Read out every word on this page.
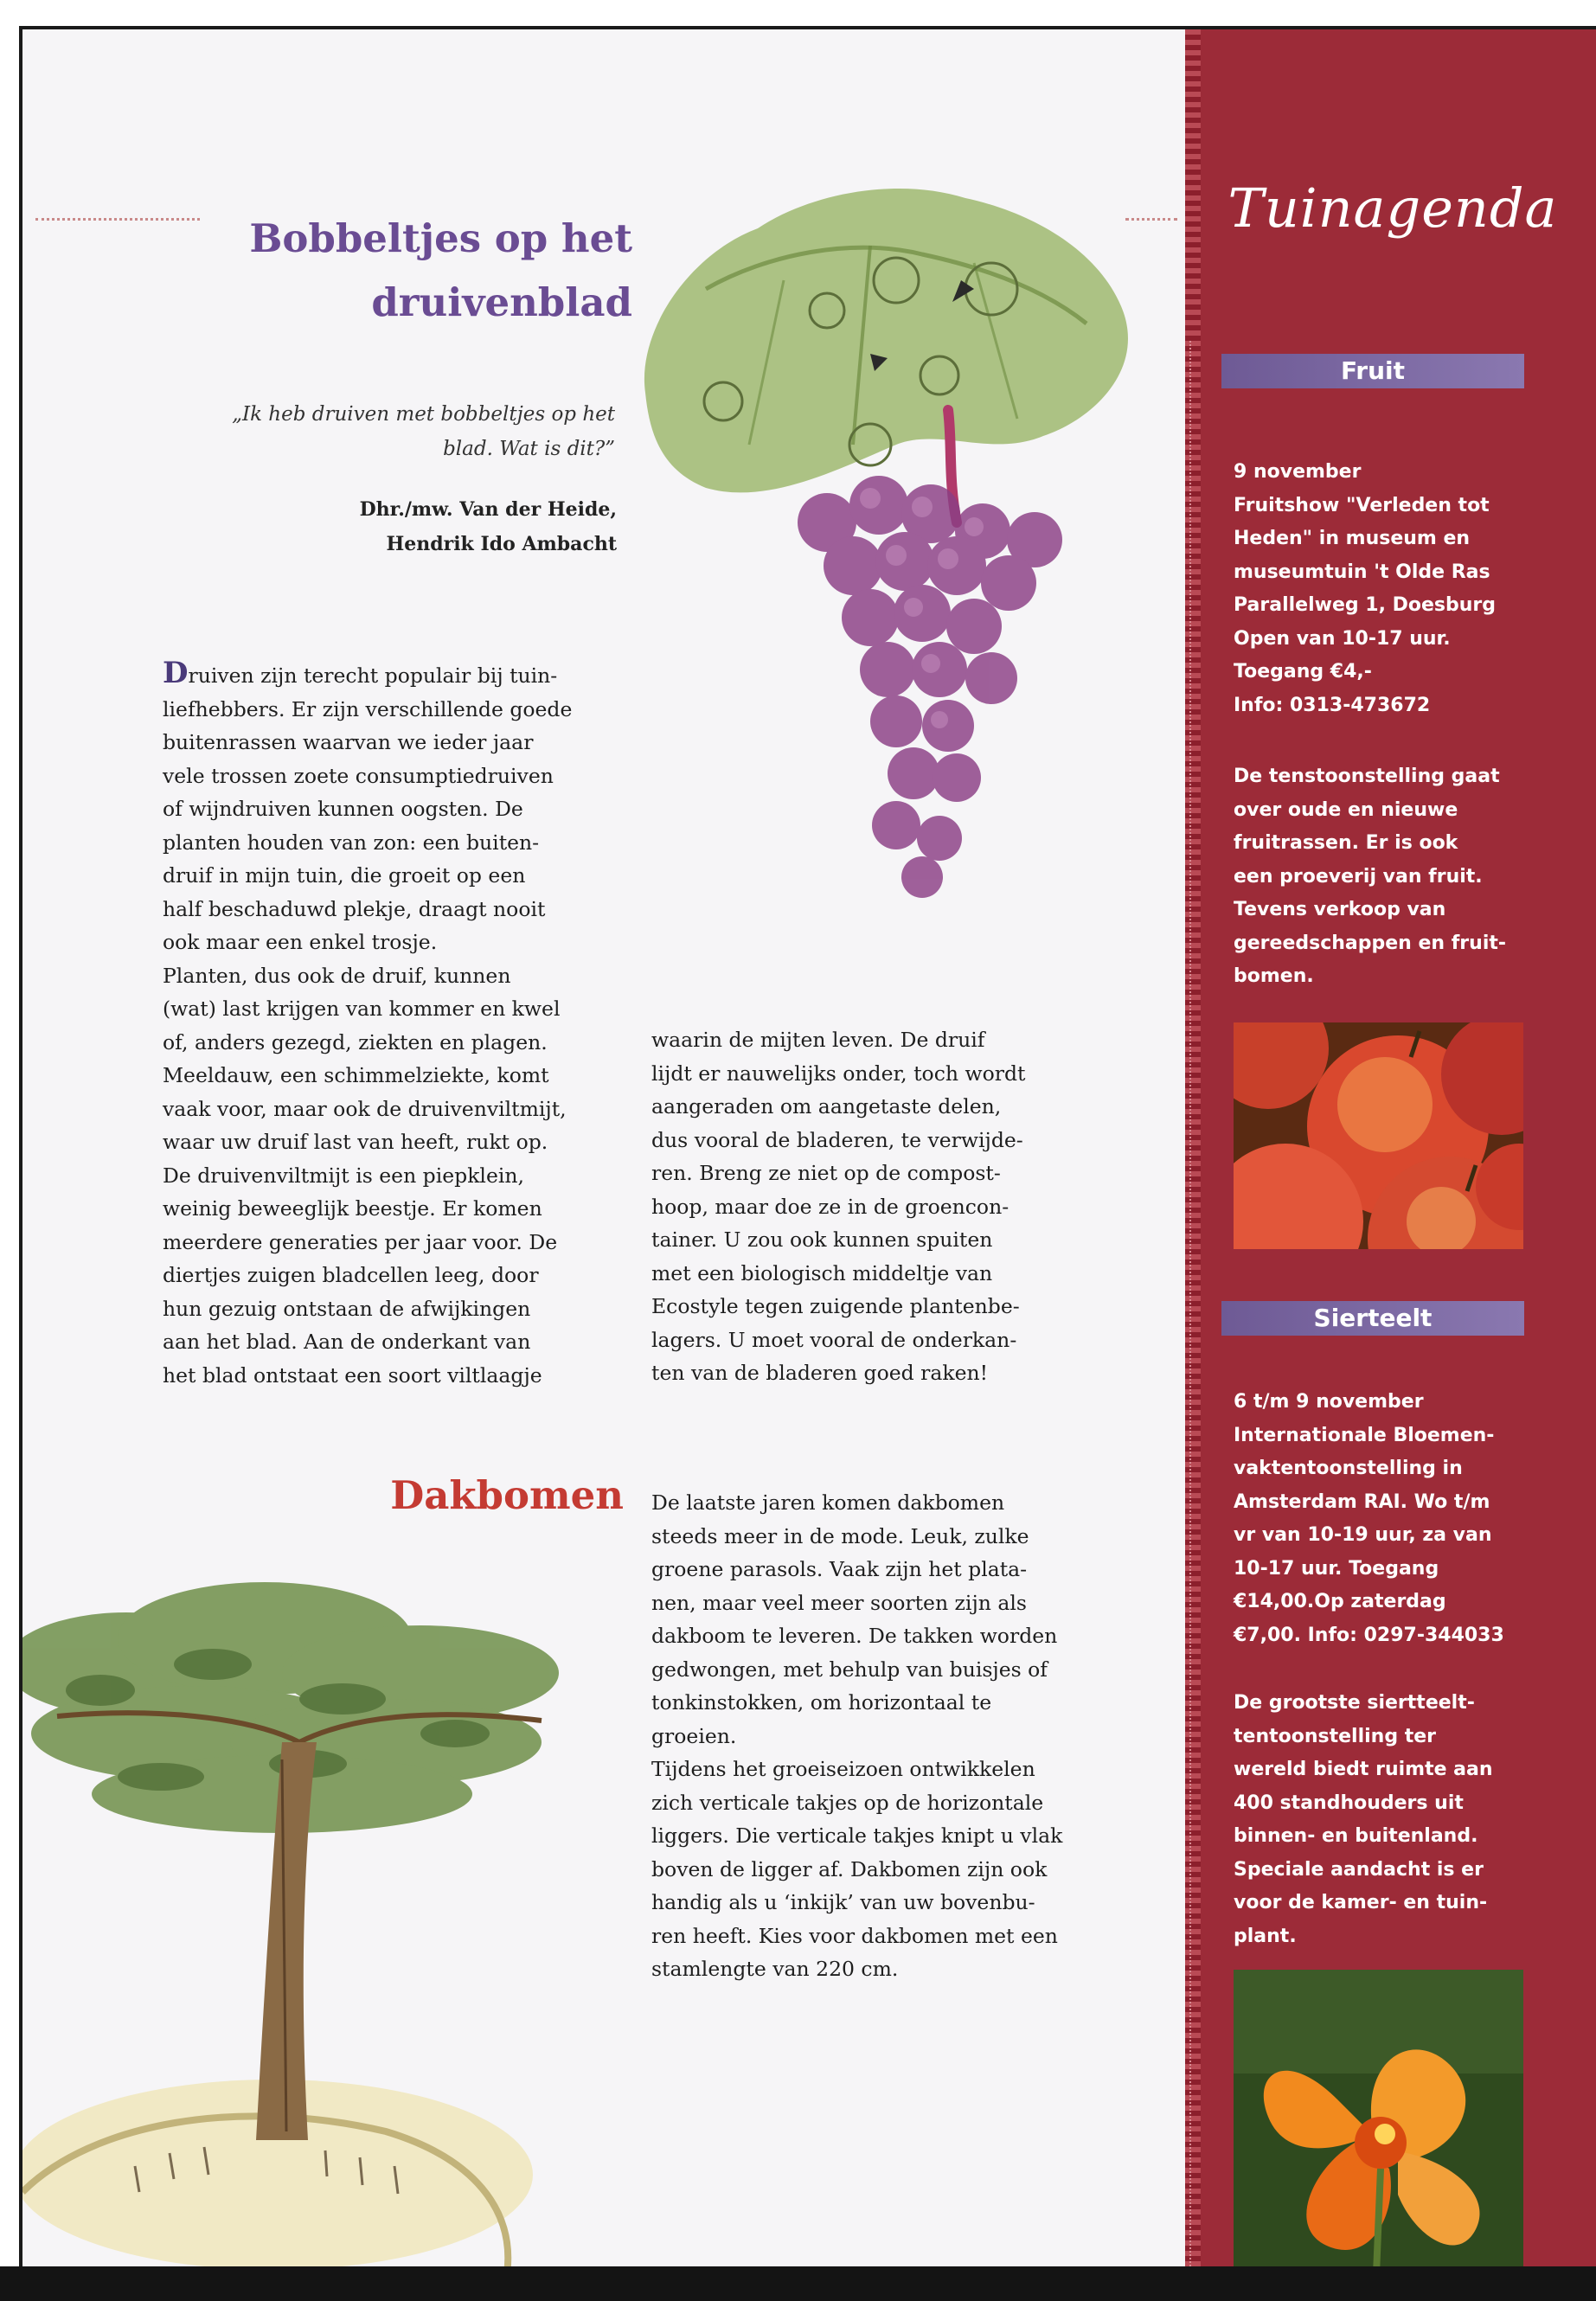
Bobbeltjes op het
druivenblad
„Ik heb druiven met bobbeltjes op het
blad. Wat is dit?”
Dhr./mw. Van der Heide,
Hendrik Ido Ambacht
Druiven zijn terecht populair bij tuin-
liefhebbers. Er zijn verschillende goede
buitenrassen waarvan we ieder jaar
vele trossen zoete consumptiedruiven
of wijndruiven kunnen oogsten. De
planten houden van zon: een buiten-
druif in mijn tuin, die groeit op een
half beschaduwd plekje, draagt nooit
ook maar een enkel trosje.
Planten, dus ook de druif, kunnen
(wat) last krijgen van kommer en kwel
of, anders gezegd, ziekten en plagen.
Meeldauw, een schimmelziekte, komt
vaak voor, maar ook de druivenviltmijt,
waar uw druif last van heeft, rukt op.
De druivenviltmijt is een piepklein,
weinig beweeglijk beestje. Er komen
meerdere generaties per jaar voor. De
diertjes zuigen bladcellen leeg, door
hun gezuig ontstaan de afwijkingen
aan het blad. Aan de onderkant van
het blad ontstaat een soort viltlaagje
waarin de mijten leven. De druif
lijdt er nauwelijks onder, toch wordt
aangeraden om aangetaste delen,
dus vooral de bladeren, te verwijde-
ren. Breng ze niet op de compost-
hoop, maar doe ze in de groencon-
tainer. U zou ook kunnen spuiten
met een biologisch middeltje van
Ecostyle tegen zuigende plantenbe-
lagers. U moet vooral de onderkan-
ten van de bladeren goed raken!
Dakbomen De laatste jaren komen dakbomen
steeds meer in de mode. Leuk, zulke
groene parasols. Vaak zijn het plata-
nen, maar veel meer soorten zijn als
dakboom te leveren. De takken worden
gedwongen, met behulp van buisjes of
tonkinstokken, om horizontaal te
groeien.
Tijdens het groeiseizoen ontwikkelen
zich verticale takjes op de horizontale
liggers. Die verticale takjes knipt u vlak
boven de ligger af. Dakbomen zijn ook
handig als u ‘inkijk’ van uw bovenbu-
ren heeft. Kies voor dakbomen met een
stamlengte van 220 cm.
Tuinagenda
Fruit
9 november
Fruitshow "Verleden tot
Heden" in museum en
museumtuin 't Olde Ras
Parallelweg 1, Doesburg
Open van 10-17 uur.
Toegang €4,-
Info: 0313-473672
De tenstoonstelling gaat
over oude en nieuwe
fruitrassen. Er is ook
een proeverij van fruit.
Tevens verkoop van
gereedschappen en fruit-
bomen.
Sierteelt
6 t/m 9 november
Internationale Bloemen-
vaktentoonstelling in
Amsterdam RAI. Wo t/m
vr van 10-19 uur, za van
10-17 uur. Toegang
€14,00.Op zaterdag
€7,00. Info: 0297-344033
De grootste siertteelt-
tentoonstelling ter
wereld biedt ruimte aan
400 standhouders uit
binnen- en buitenland.
Speciale aandacht is er
voor de kamer- en tuin-
plant.
